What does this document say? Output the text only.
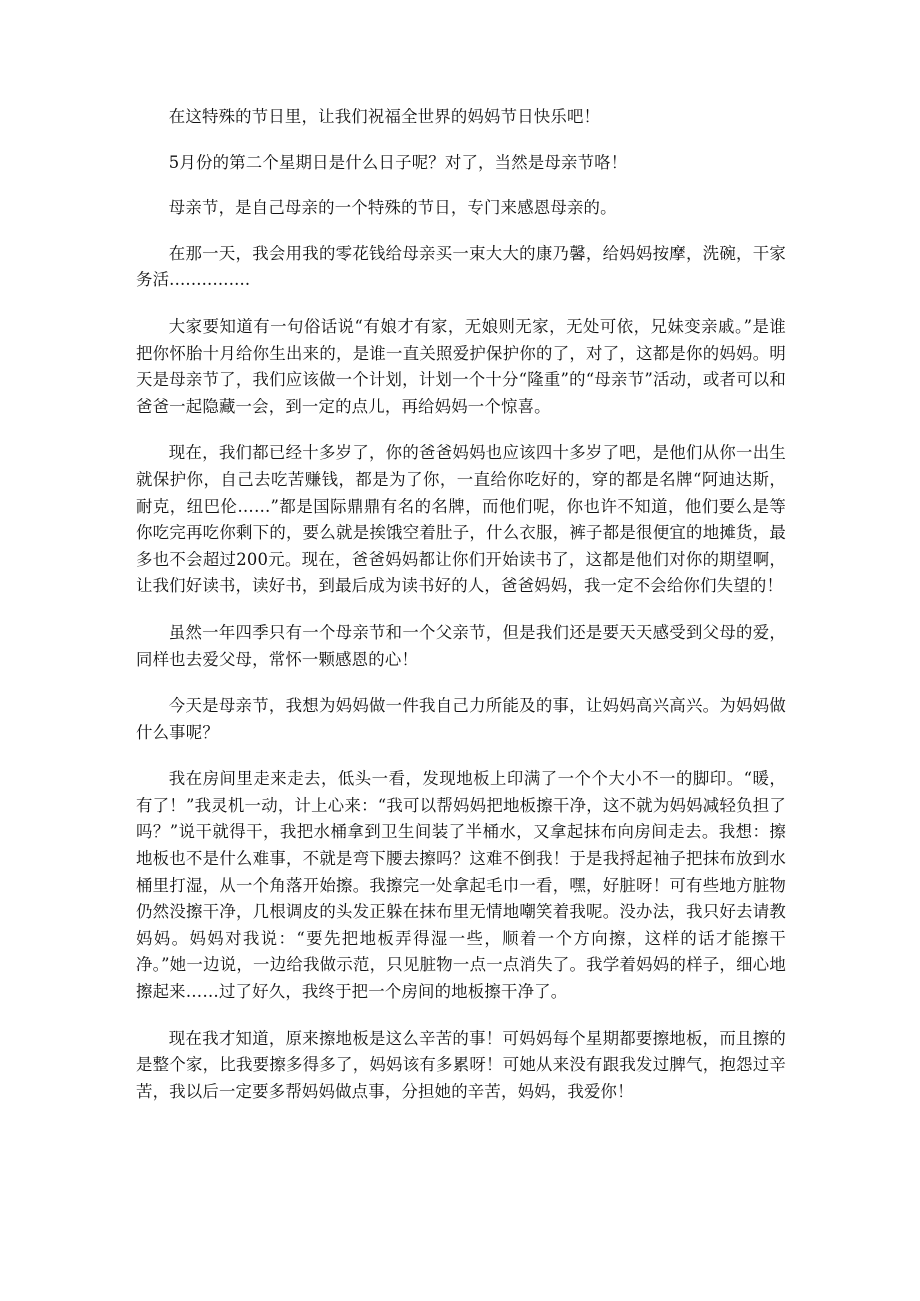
在这特殊的节日里，让我们祝福全世界的妈妈节日快乐吧！

5月份的第二个星期日是什么日子呢？对了，当然是母亲节咯！

母亲节，是自己母亲的一个特殊的节日，专门来感恩母亲的。

在那一天，我会用我的零花钱给母亲买一束大大的康乃馨，给妈妈按摩，洗碗，干家务活...............

大家要知道有一句俗话说“有娘才有家，无娘则无家，无处可依，兄妹变亲戚。”是谁把你怀胎十月给你生出来的，是谁一直关照爱护保护你的了，对了，这都是你的妈妈。明天是母亲节了，我们应该做一个计划，计划一个十分“隆重”的“母亲节”活动，或者可以和爸爸一起隐藏一会，到一定的点儿，再给妈妈一个惊喜。

现在，我们都已经十多岁了，你的爸爸妈妈也应该四十多岁了吧，是他们从你一出生就保护你，自己去吃苦赚钱，都是为了你，一直给你吃好的，穿的都是名牌“阿迪达斯，耐克，纽巴伦……”都是国际鼎鼎有名的名牌，而他们呢，你也许不知道，他们要么是等你吃完再吃你剩下的，要么就是挨饿空着肚子，什么衣服，裤子都是很便宜的地摊货，最多也不会超过200元。现在，爸爸妈妈都让你们开始读书了，这都是他们对你的期望啊，让我们好读书，读好书，到最后成为读书好的人，爸爸妈妈，我一定不会给你们失望的！

虽然一年四季只有一个母亲节和一个父亲节，但是我们还是要天天感受到父母的爱，同样也去爱父母，常怀一颗感恩的心！

今天是母亲节，我想为妈妈做一件我自己力所能及的事，让妈妈高兴高兴。为妈妈做什么事呢？

我在房间里走来走去，低头一看，发现地板上印满了一个个大小不一的脚印。“暖，有了！”我灵机一动，计上心来：“我可以帮妈妈把地板擦干净，这不就为妈妈减轻负担了吗？”说干就得干，我把水桶拿到卫生间装了半桶水，又拿起抹布向房间走去。我想：擦地板也不是什么难事，不就是弯下腰去擦吗？这难不倒我！于是我捋起袖子把抹布放到水桶里打湿，从一个角落开始擦。我擦完一处拿起毛巾一看，嘿，好脏呀！可有些地方脏物仍然没擦干净，几根调皮的头发正躲在抹布里无情地嘲笑着我呢。没办法，我只好去请教妈妈。妈妈对我说：“要先把地板弄得湿一些，顺着一个方向擦，这样的话才能擦干净。”她一边说，一边给我做示范，只见脏物一点一点消失了。我学着妈妈的样子，细心地擦起来……过了好久，我终于把一个房间的地板擦干净了。

现在我才知道，原来擦地板是这么辛苦的事！可妈妈每个星期都要擦地板，而且擦的是整个家，比我要擦多得多了，妈妈该有多累呀！可她从来没有跟我发过脾气，抱怨过辛苦，我以后一定要多帮妈妈做点事，分担她的辛苦，妈妈，我爱你！
